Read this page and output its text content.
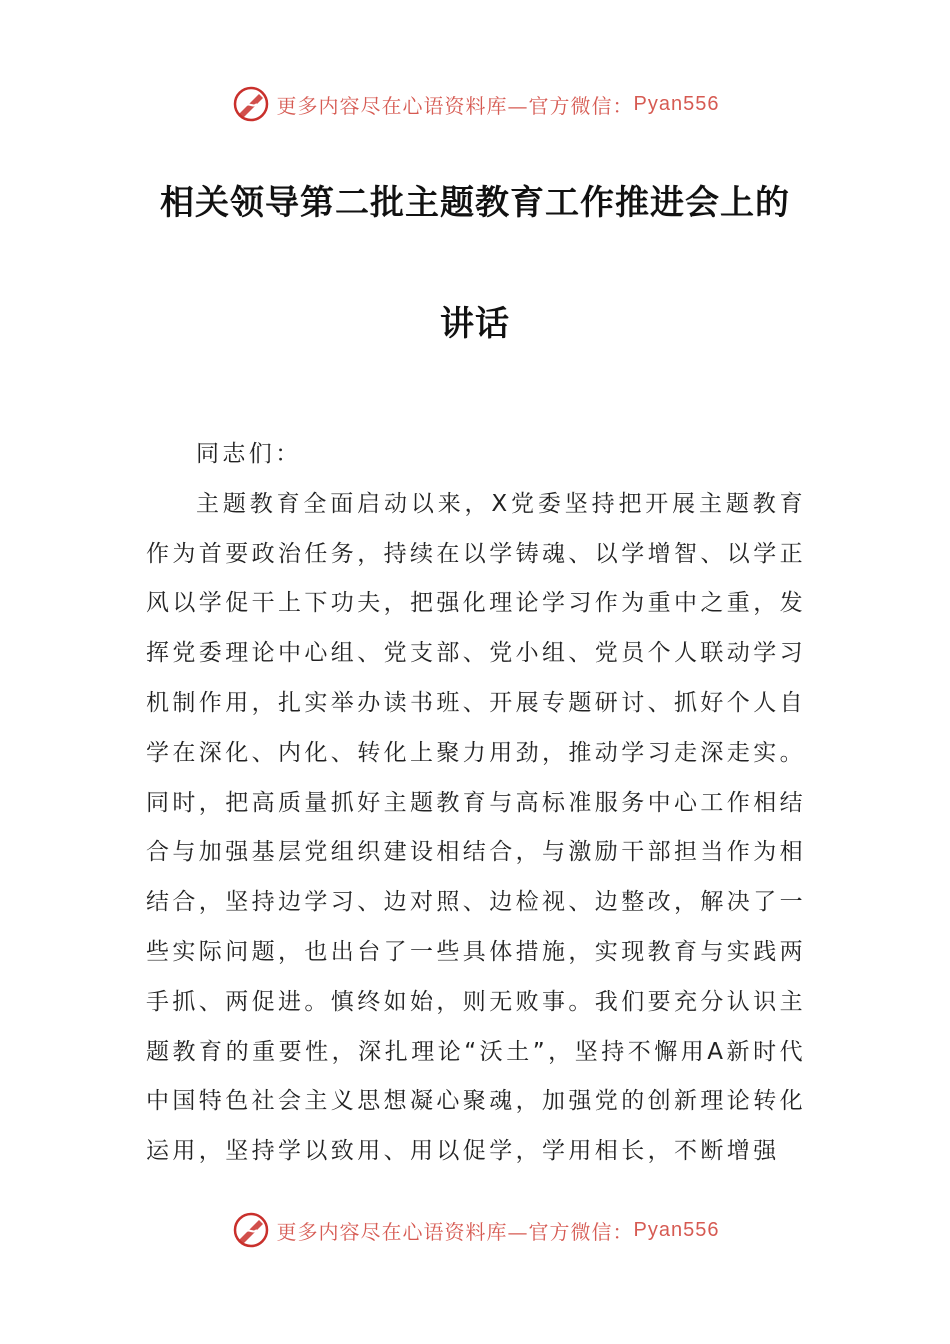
更多内容尽在心语资料库—官方微信： Pyan556
相关领导第二批主题教育工作推进会上的
讲话
同志们：
主题教育全面启动以来，X党委坚持把开展主题教育作为首要政治任务，持续在以学铸魂、以学增智、以学正风以学促干上下功夫，把强化理论学习作为重中之重，发挥党委理论中心组、党支部、党小组、党员个人联动学习机制作用，扎实举办读书班、开展专题研讨、抓好个人自学在深化、内化、转化上聚力用劲，推动学习走深走实。同时，把高质量抓好主题教育与高标准服务中心工作相结合与加强基层党组织建设相结合，与激励干部担当作为相结合，坚持边学习、边对照、边检视、边整改，解决了一些实际问题，也出台了一些具体措施，实现教育与实践两手抓、两促进。慎终如始，则无败事。我们要充分认识主题教育的重要性，深扎理论“沃土”，坚持不懈用A新时代中国特色社会主义思想凝心聚魂，加强党的创新理论转化运用，坚持学以致用、用以促学，学用相长，不断增强
更多内容尽在心语资料库—官方微信： Pyan556
